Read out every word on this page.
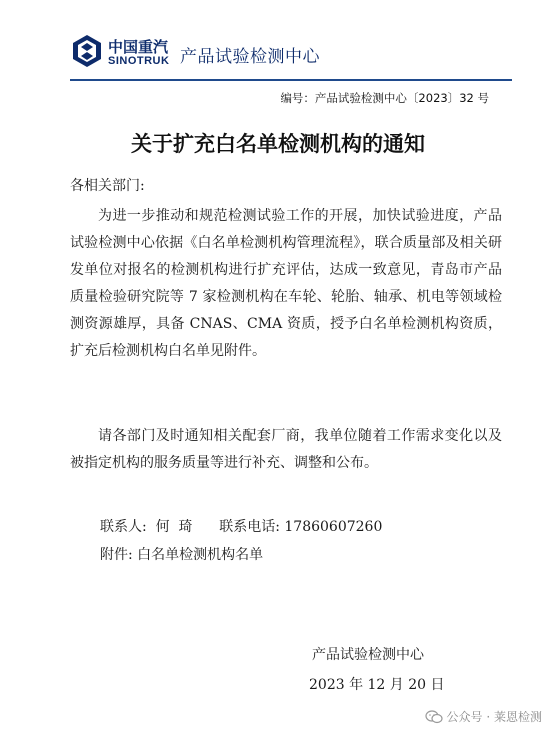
中国重汽
SINOTRUK 产品试验检测中心
编号：产品试验检测中心〔2023〕32 号
关于扩充白名单检测机构的通知
各相关部门:
为进一步推动和规范检测试验工作的开展，加快试验进度，产品试验检测中心依据《白名单检测机构管理流程》，联合质量部及相关研发单位对报名的检测机构进行扩充评估，达成一致意见，青岛市产品质量检验研究院等 7 家检测机构在车轮、轮胎、轴承、机电等领域检测资源雄厚，具备 CNAS、CMA 资质，授予白名单检测机构资质，扩充后检测机构白名单见附件。
请各部门及时通知相关配套厂商，我单位随着工作需求变化以及被指定机构的服务质量等进行补充、调整和公布。
联系人:  何  琦      联系电话: 17860607260
附件: 白名单检测机构名单
产品试验检测中心
2023 年 12 月 20 日
公众号 · 莱恩检测
